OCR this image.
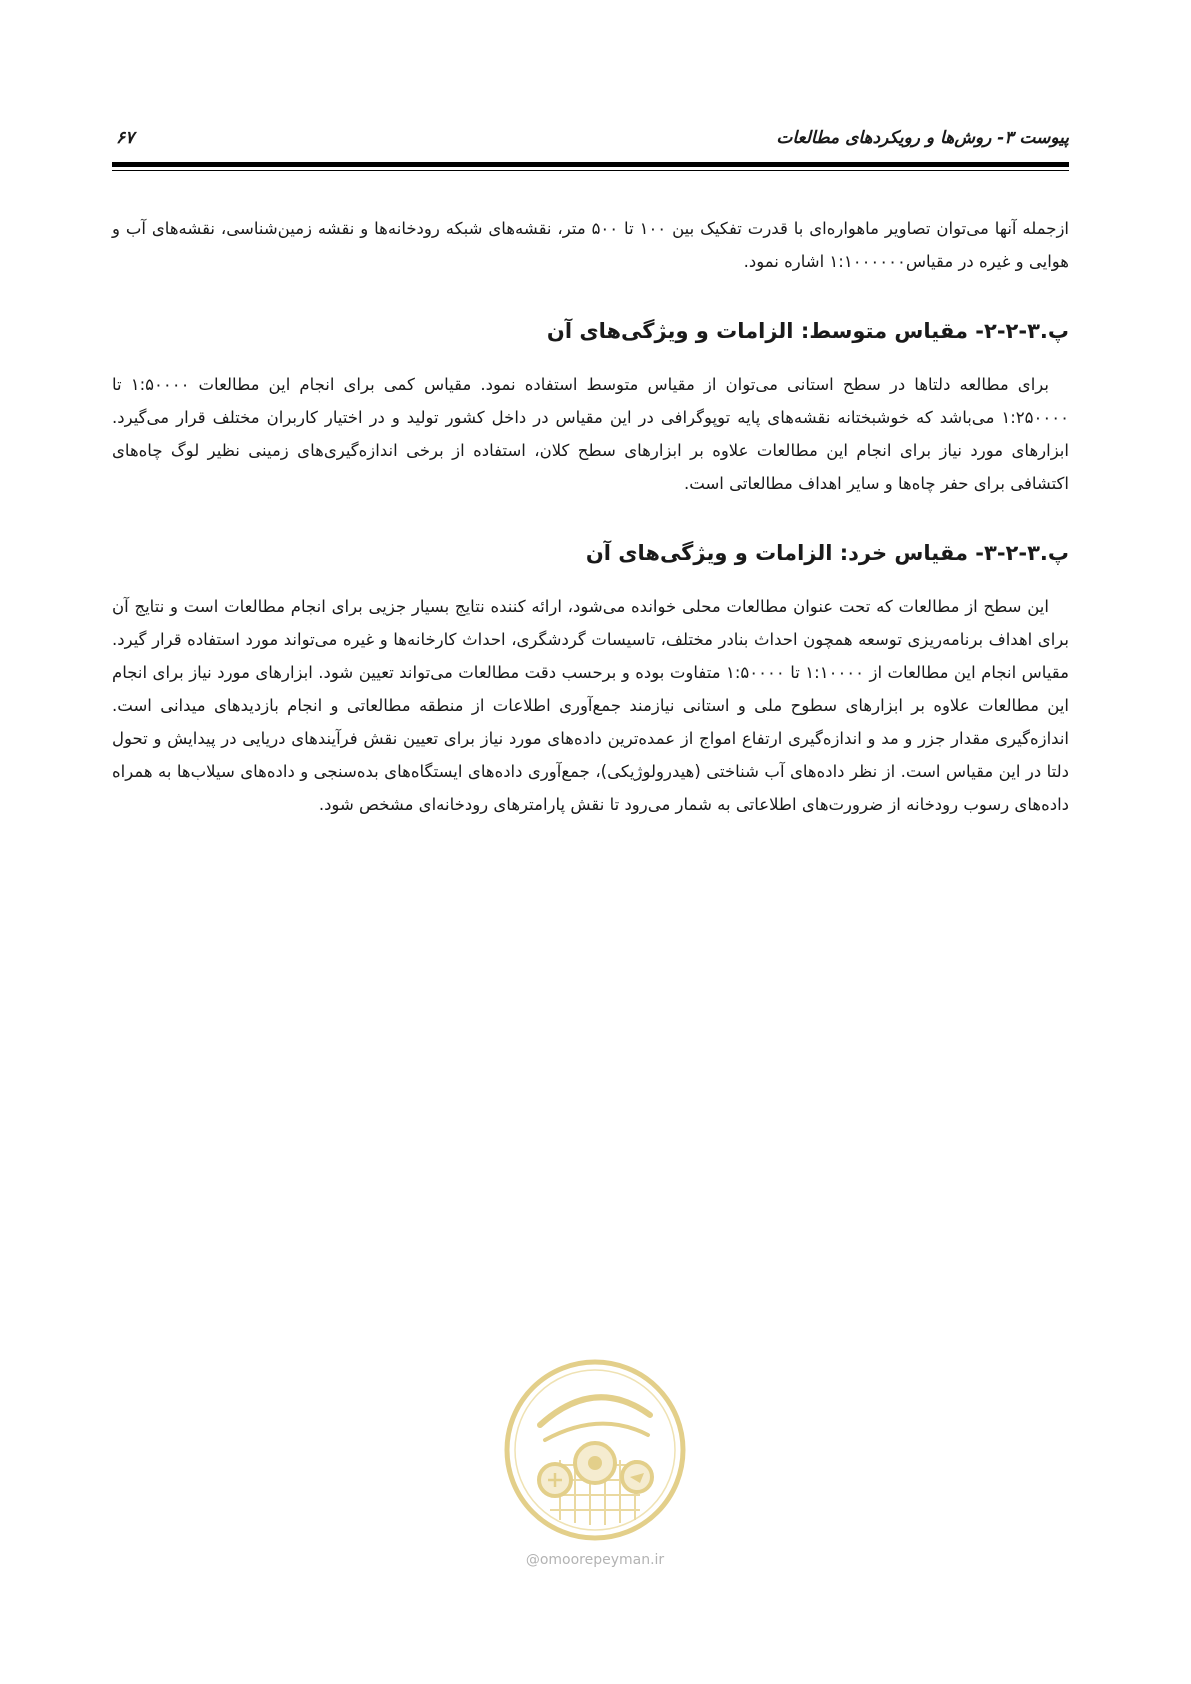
پیوست ۳- روش‌ها و رویکردهای مطالعات
۶۷

ازجمله آنها می‌توان تصاویر ماهواره‌ای با قدرت تفکیک بین ۱۰۰ تا ۵۰۰ متر، نقشه‌های شبکه رودخانه‌ها و نقشه زمین‌شناسی، نقشه‌های آب و هوایی و غیره در مقیاس۱:۱۰۰۰۰۰۰ اشاره نمود.

پ.۳-۲-۲- مقیاس متوسط: الزامات و ویژگی‌های آن

برای مطالعه دلتاها در سطح استانی می‌توان از مقیاس متوسط استفاده نمود. مقیاس کمی برای انجام این مطالعات ۱:۵۰۰۰۰ تا ۱:۲۵۰۰۰۰ می‌باشد که خوشبختانه نقشه‌های پایه توپوگرافی در این مقیاس در داخل کشور تولید و در اختیار کاربران مختلف قرار می‌گیرد. ابزارهای مورد نیاز برای انجام این مطالعات علاوه بر ابزارهای سطح کلان، استفاده از برخی اندازه‌گیری‌های زمینی نظیر لوگ چاه‌های اکتشافی برای حفر چاه‌ها و سایر اهداف مطالعاتی است.

پ.۳-۲-۳- مقیاس خرد: الزامات و ویژگی‌های آن

این سطح از مطالعات که تحت عنوان مطالعات محلی خوانده می‌شود، ارائه کننده نتایج بسیار جزیی برای انجام مطالعات است و نتایج آن برای اهداف برنامه‌ریزی توسعه همچون احداث بنادر مختلف، تاسیسات گردشگری، احداث کارخانه‌ها و غیره می‌تواند مورد استفاده قرار گیرد. مقیاس انجام این مطالعات از ۱:۱۰۰۰۰ تا ۱:۵۰۰۰۰ متفاوت بوده و برحسب دقت مطالعات می‌تواند تعیین شود. ابزارهای مورد نیاز برای انجام این مطالعات علاوه بر ابزارهای سطوح ملی و استانی نیازمند جمع‌آوری اطلاعات از منطقه مطالعاتی و انجام بازدیدهای میدانی است. اندازه‌گیری مقدار جزر و مد و اندازه‌گیری ارتفاع امواج از عمده‌ترین داده‌های مورد نیاز برای تعیین نقش فرآیندهای دریایی در پیدایش و تحول دلتا در این مقیاس است. از نظر داده‌های آب شناختی (هیدرولوژیکی)، جمع‌آوری داده‌های ایستگاه‌های بده‌سنجی و داده‌های سیلاب‌ها به همراه داده‌های رسوب رودخانه از ضرورت‌های اطلاعاتی به شمار می‌رود تا نقش پارامترهای رودخانه‌ای مشخص شود.

@omoorepeyman.ir
